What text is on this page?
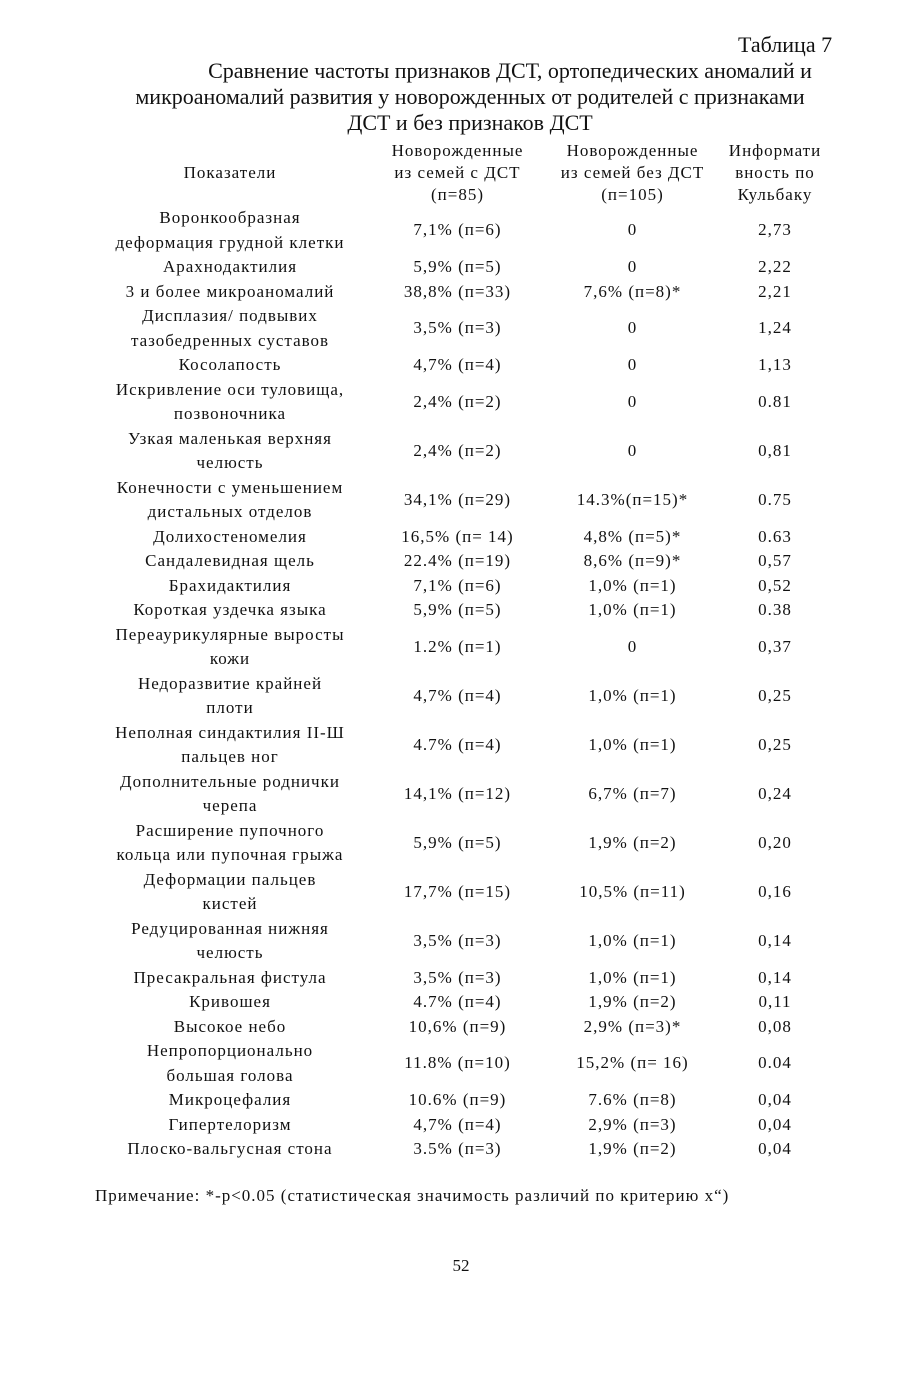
Таблица 7
Сравнение частоты признаков ДСТ, ортопедических аномалий и
микроаномалий развития у новорожденных от родителей с признаками
ДСТ и без признаков ДСТ
Показатели	Новорожденные
из семей с ДСТ
(п=85)	Новорожденные
из семей без ДСТ
(п=105)	Информати
вность по
Кульбаку

Воронкообразная
деформация грудной клетки	7,1% (п=6)	0	2,73

Арахнодактилия	5,9% (п=5)	0	2,22

3 и более микроаномалий	38,8% (п=33)	7,6% (п=8)*	2,21

Дисплазия/ подвывих
тазобедренных суставов	3,5% (п=3)	0	1,24

Косолапость	4,7% (п=4)	0	1,13

Искривление оси туловища,
позвоночника	2,4% (п=2)	0	0.81

Узкая маленькая верхняя
челюсть	2,4% (п=2)	0	0,81

Конечности с уменьшением
дистальных отделов	34,1% (п=29)	14.3%(п=15)*	0.75

Долихостеномелия	16,5% (п= 14)	4,8% (п=5)*	0.63

Сандалевидная щель	22.4% (п=19)	8,6% (п=9)*	0,57

Брахидактилия	7,1% (п=6)	1,0% (п=1)	0,52

Короткая уздечка языка	5,9% (п=5)	1,0% (п=1)	0.38

Переаурикулярные выросты
кожи	1.2% (п=1)	0	0,37

Недоразвитие крайней
плоти	4,7% (п=4)	1,0% (п=1)	0,25

Неполная синдактилия II-Ш
пальцев ног	4.7% (п=4)	1,0% (п=1)	0,25

Дополнительные роднички
черепа	14,1% (п=12)	6,7% (п=7)	0,24

Расширение пупочного
кольца или пупочная грыжа	5,9% (п=5)	1,9% (п=2)	0,20

Деформации пальцев
кистей	17,7% (п=15)	10,5% (п=11)	0,16

Редуцированная нижняя
челюсть	3,5% (п=3)	1,0% (п=1)	0,14

Пресакральная фистула	3,5% (п=3)	1,0% (п=1)	0,14

Кривошея	4.7% (п=4)	1,9% (п=2)	0,11

Высокое небо	10,6% (п=9)	2,9% (п=3)*	0,08

Непропорционально
большая голова	11.8% (п=10)	15,2% (п= 16)	0.04

Микроцефалия	10.6% (п=9)	7.6% (п=8)	0,04

Гипертелоризм	4,7% (п=4)	2,9% (п=3)	0,04

Плоско-вальгусная стона	3.5% (п=3)	1,9% (п=2)	0,04
Примечание: *-р<0.05 (статистическая значимость различий по критерию х“)
52
